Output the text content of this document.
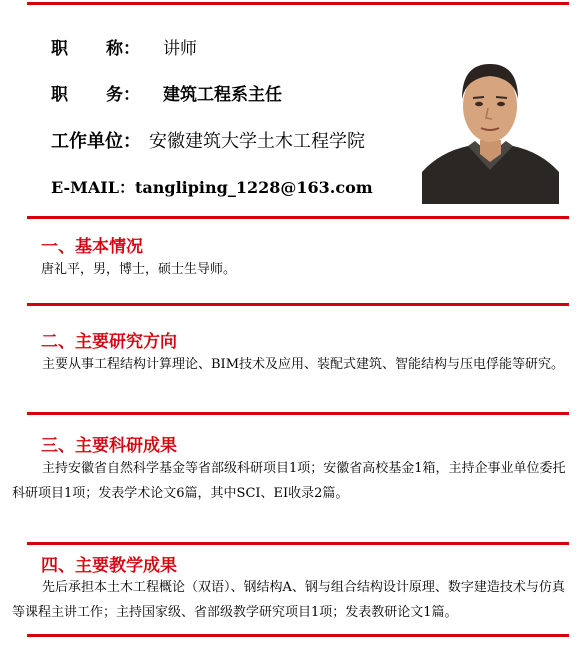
职 称： 讲师
职 务： 建筑工程系主任
工作单位： 安徽建筑大学土木工程学院
E-MAIL：tangliping_1228@163.com
一、基本情况
唐礼平，男，博士，硕士生导师。
二、主要研究方向

主要从事工程结构计算理论、BIM技术及应用、装配式建筑、智能结构与压电俘能等研究。

三、主要科研成果

主持安徽省自然科学基金等省部级科研项目1项；安徽省高校基金1箱，主持企事业单位委托科研项目1项；发表学术论文6篇，其中SCI、EI收录2篇。

四、主要教学成果

先后承担本土木工程概论（双语）、钢结构A、钢与组合结构设计原理、数字建造技术与仿真等课程主讲工作；主持国家级、省部级教学研究项目1项；发表教研论文1篇。
